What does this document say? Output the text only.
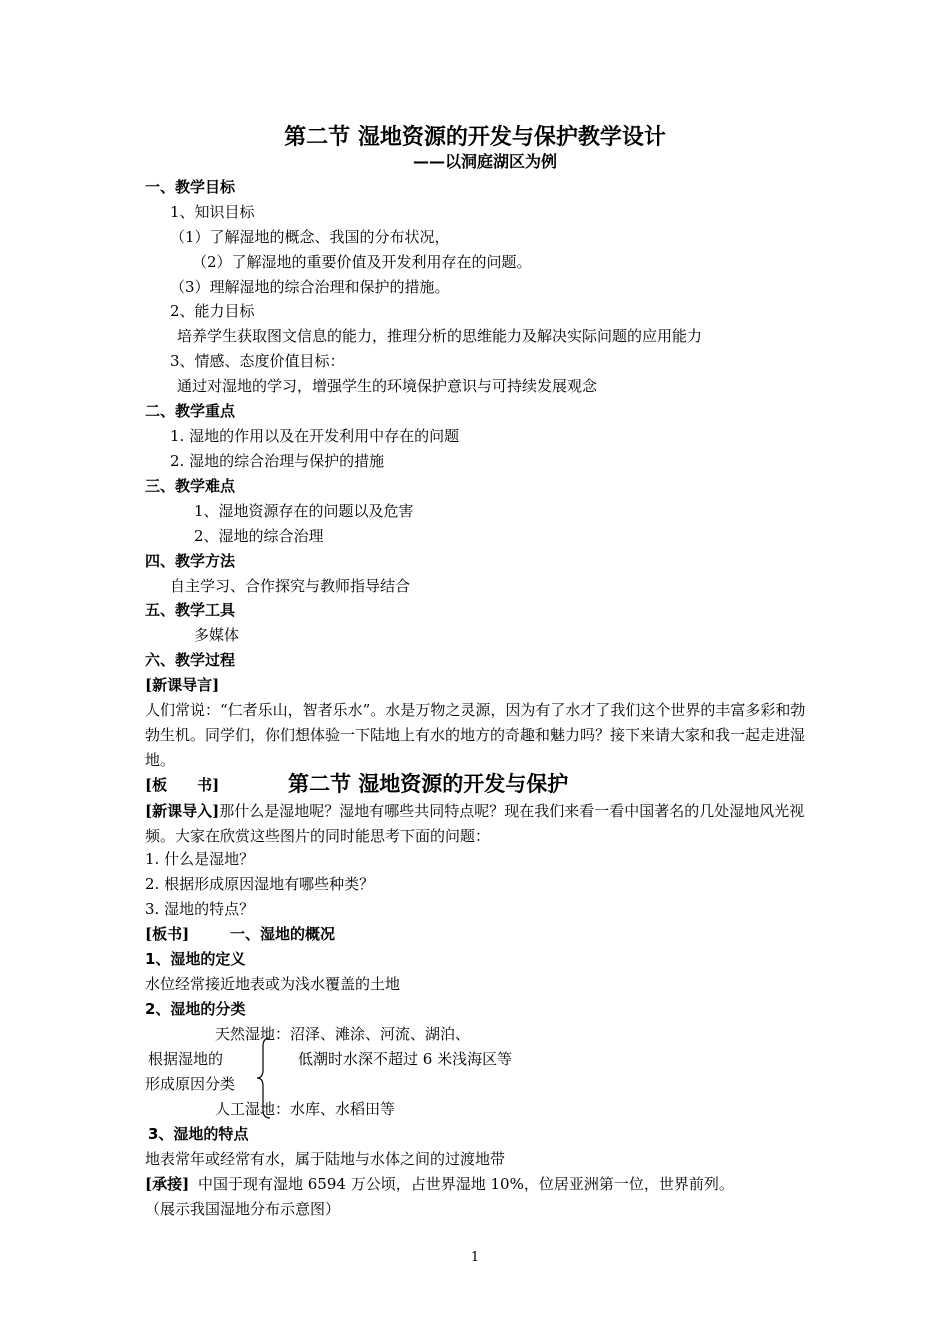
第二节 湿地资源的开发与保护教学设计
——以洞庭湖区为例
一、教学目标
1、知识目标
（1）了解湿地的概念、我国的分布状况，
（2）了解湿地的重要价值及开发利用存在的问题。
（3）理解湿地的综合治理和保护的措施。
2、能力目标
培养学生获取图文信息的能力，推理分析的思维能力及解决实际问题的应用能力
3、情感、态度价值目标：
通过对湿地的学习，增强学生的环境保护意识与可持续发展观念
二、教学重点
1. 湿地的作用以及在开发利用中存在的问题
2. 湿地的综合治理与保护的措施
三、教学难点
1、湿地资源存在的问题以及危害
2、湿地的综合治理
四、教学方法
自主学习、合作探究与教师指导结合
五、教学工具
多媒体
六、教学过程
[新课导言]
人们常说：“仁者乐山，智者乐水”。水是万物之灵源，因为有了水才了我们这个世界的丰富多彩和勃勃生机。同学们，你们想体验一下陆地上有水的地方的奇趣和魅力吗？接下来请大家和我一起走进湿地。
[板　　书]	第二节 湿地资源的开发与保护
[新课导入]那什么是湿地呢？湿地有哪些共同特点呢？现在我们来看一看中国著名的几处湿地风光视频。大家在欣赏这些图片的同时能思考下面的问题：
1. 什么是湿地？
2. 根据形成原因湿地有哪些种类？
3. 湿地的特点？
[板书]	一、湿地的概况
1、湿地的定义
水位经常接近地表或为浅水覆盖的土地
2、湿地的分类
天然湿地：沼泽、滩涂、河流、湖泊、
根据湿地的	低潮时水深不超过 6 米浅海区等
形成原因分类
人工湿地：水库、水稻田等
3、湿地的特点
地表常年或经常有水，属于陆地与水体之间的过渡地带
[承接] 中国于现有湿地 6594 万公顷，占世界湿地 10%，位居亚洲第一位，世界前列。
（展示我国湿地分布示意图）
1
